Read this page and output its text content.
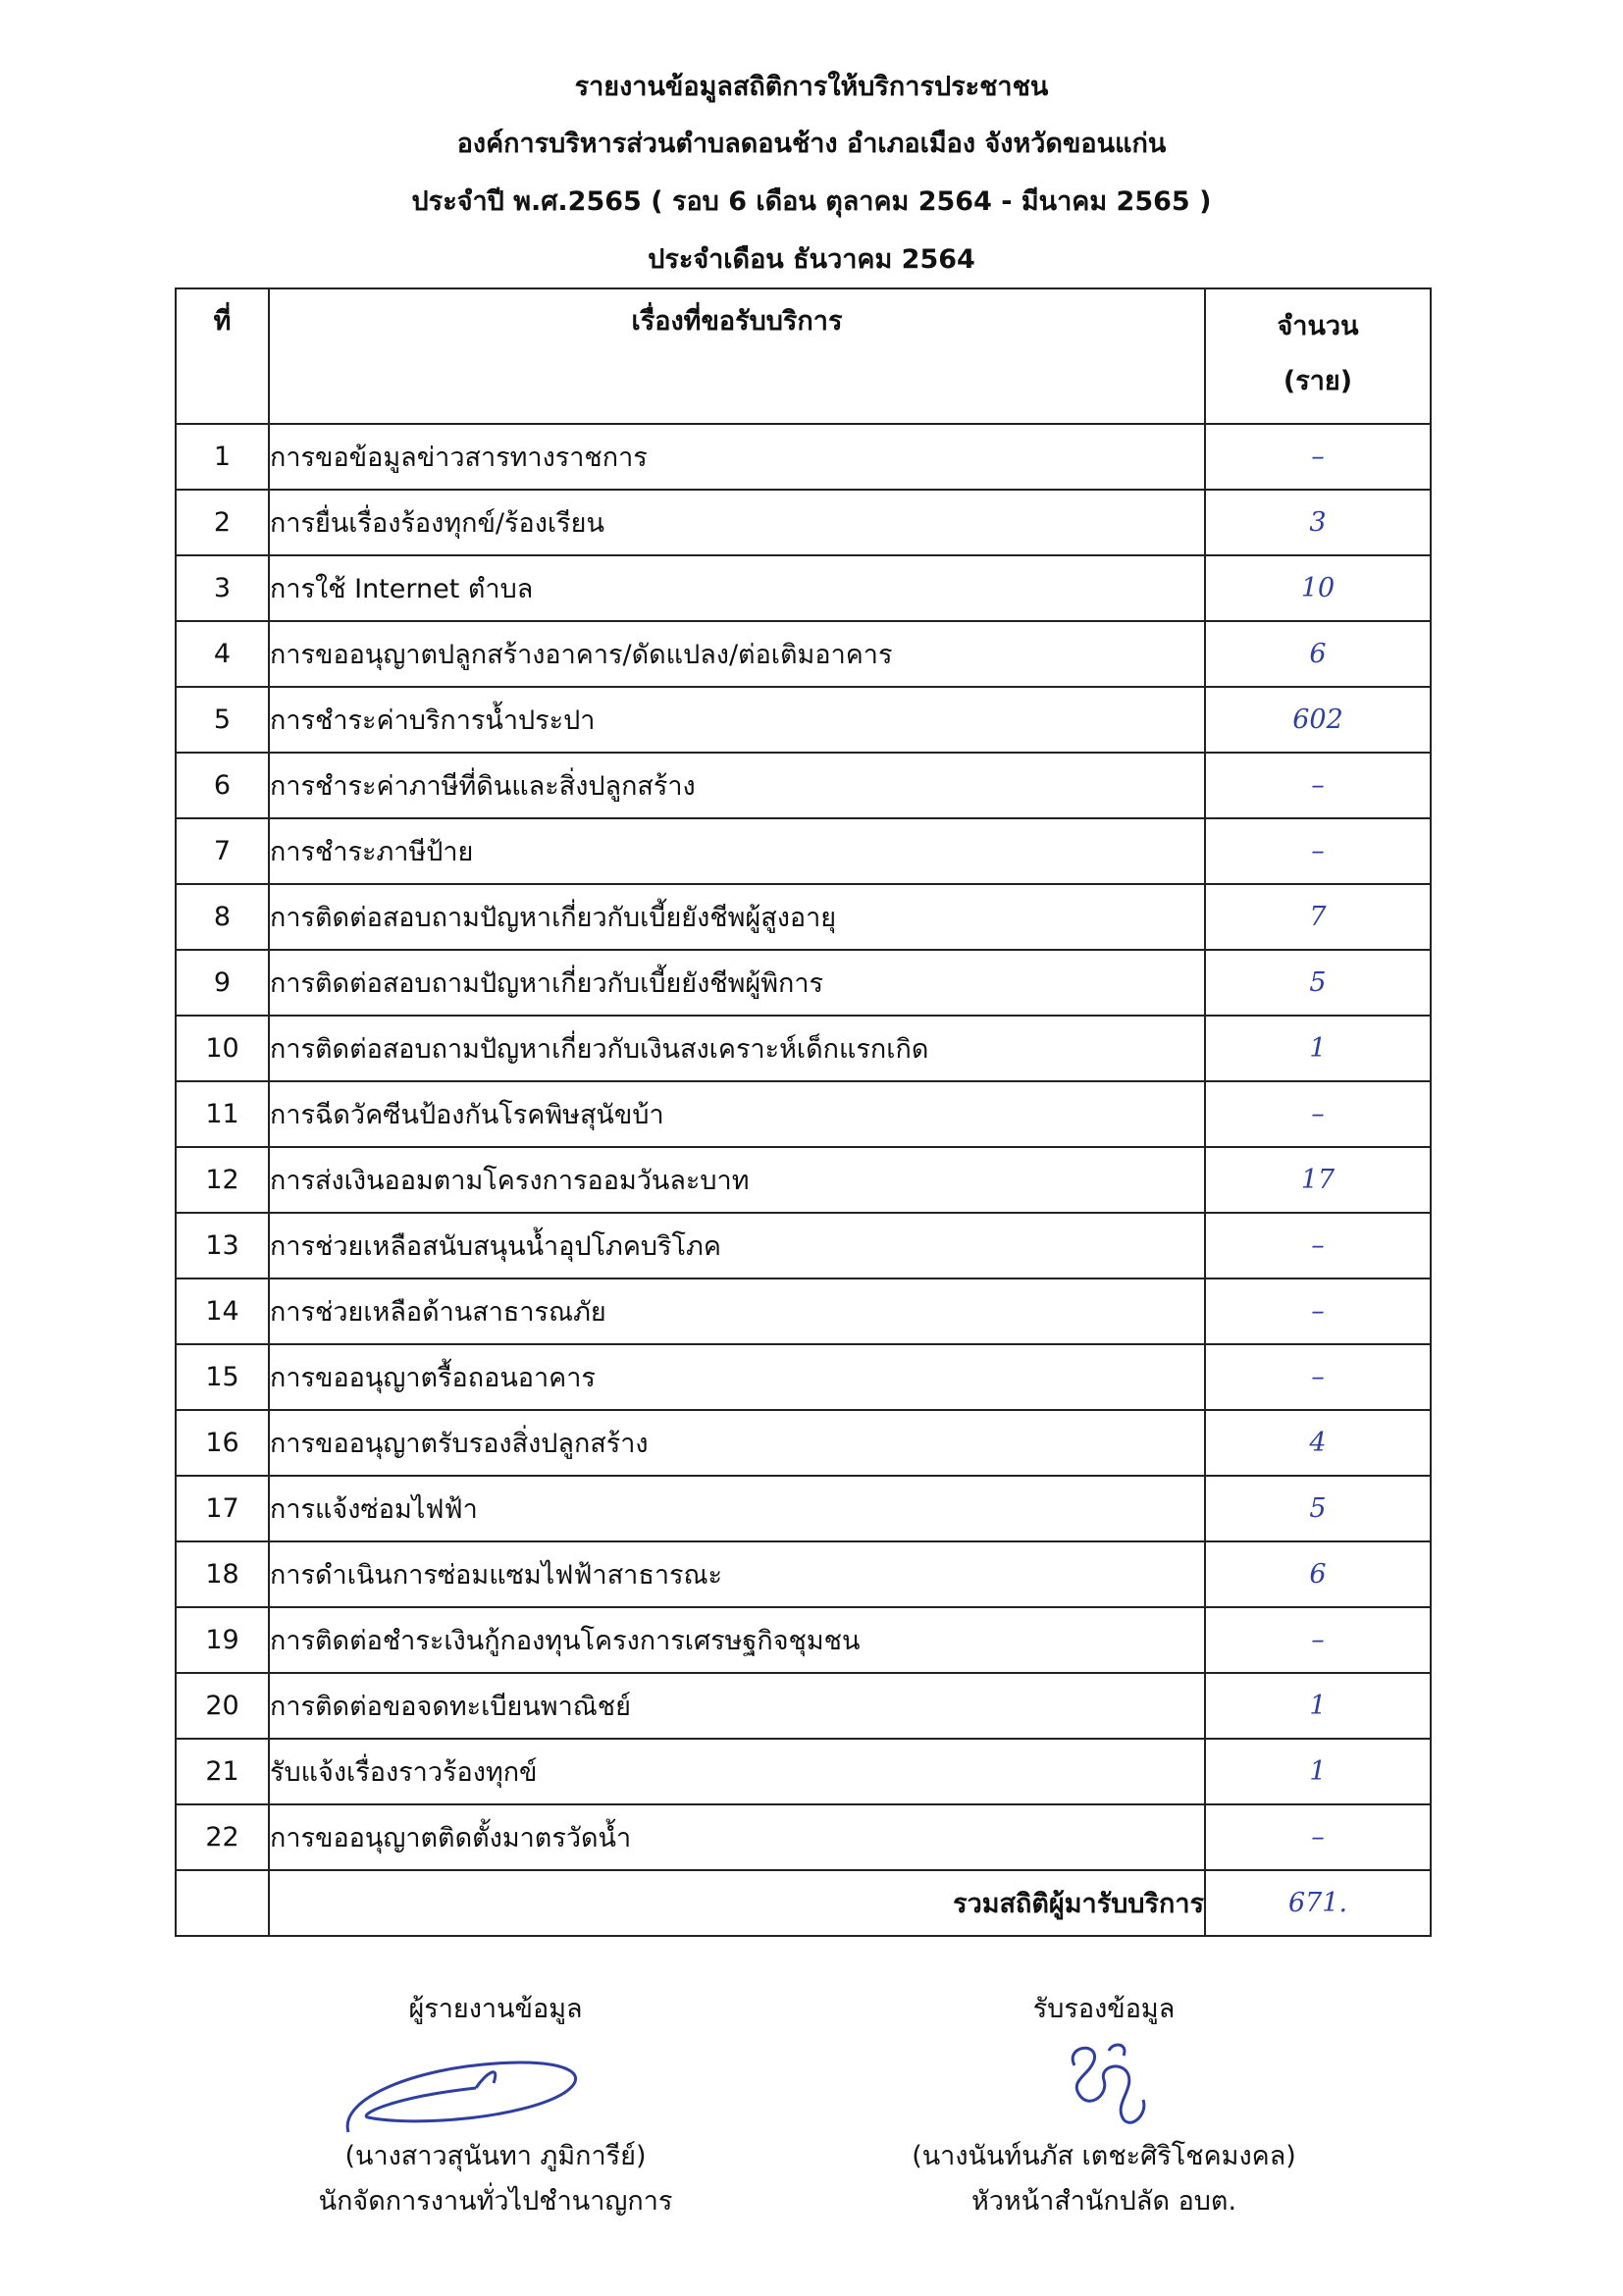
รายงานข้อมูลสถิติการให้บริการประชาชน
องค์การบริหารส่วนตำบลดอนช้าง อำเภอเมือง จังหวัดขอนแก่น
ประจำปี พ.ศ.2565 ( รอบ 6 เดือน ตุลาคม 2564 - มีนาคม 2565 )
ประจำเดือน ธันวาคม 2564
ที่	เรื่องที่ขอรับบริการ	จำนวน
(ราย)

1	การขอข้อมูลข่าวสารทางราชการ	–
2	การยื่นเรื่องร้องทุกข์/ร้องเรียน	3
3	การใช้ Internet ตำบล	10
4	การขออนุญาตปลูกสร้างอาคาร/ดัดแปลง/ต่อเติมอาคาร	6
5	การชำระค่าบริการน้ำประปา	602
6	การชำระค่าภาษีที่ดินและสิ่งปลูกสร้าง	–
7	การชำระภาษีป้าย	–
8	การติดต่อสอบถามปัญหาเกี่ยวกับเบี้ยยังชีพผู้สูงอายุ	7
9	การติดต่อสอบถามปัญหาเกี่ยวกับเบี้ยยังชีพผู้พิการ	5
10	การติดต่อสอบถามปัญหาเกี่ยวกับเงินสงเคราะห์เด็กแรกเกิด	1
11	การฉีดวัคซีนป้องกันโรคพิษสุนัขบ้า	–
12	การส่งเงินออมตามโครงการออมวันละบาท	17
13	การช่วยเหลือสนับสนุนน้ำอุปโภคบริโภค	–
14	การช่วยเหลือด้านสาธารณภัย	–
15	การขออนุญาตรื้อถอนอาคาร	–
16	การขออนุญาตรับรองสิ่งปลูกสร้าง	4
17	การแจ้งซ่อมไฟฟ้า	5
18	การดำเนินการซ่อมแซมไฟฟ้าสาธารณะ	6
19	การติดต่อชำระเงินกู้กองทุนโครงการเศรษฐกิจชุมชน	–
20	การติดต่อขอจดทะเบียนพาณิชย์	1
21	รับแจ้งเรื่องราวร้องทุกข์	1
22	การขออนุญาตติดตั้งมาตรวัดน้ำ	–
	รวมสถิติผู้มารับบริการ	671.
ผู้รายงานข้อมูล
(นางสาวสุนันทา ภูมิการีย์)
นักจัดการงานทั่วไปชำนาญการ
รับรองข้อมูล
(นางนันท์นภัส เตชะศิริโชคมงคล)
หัวหน้าสำนักปลัด อบต.
